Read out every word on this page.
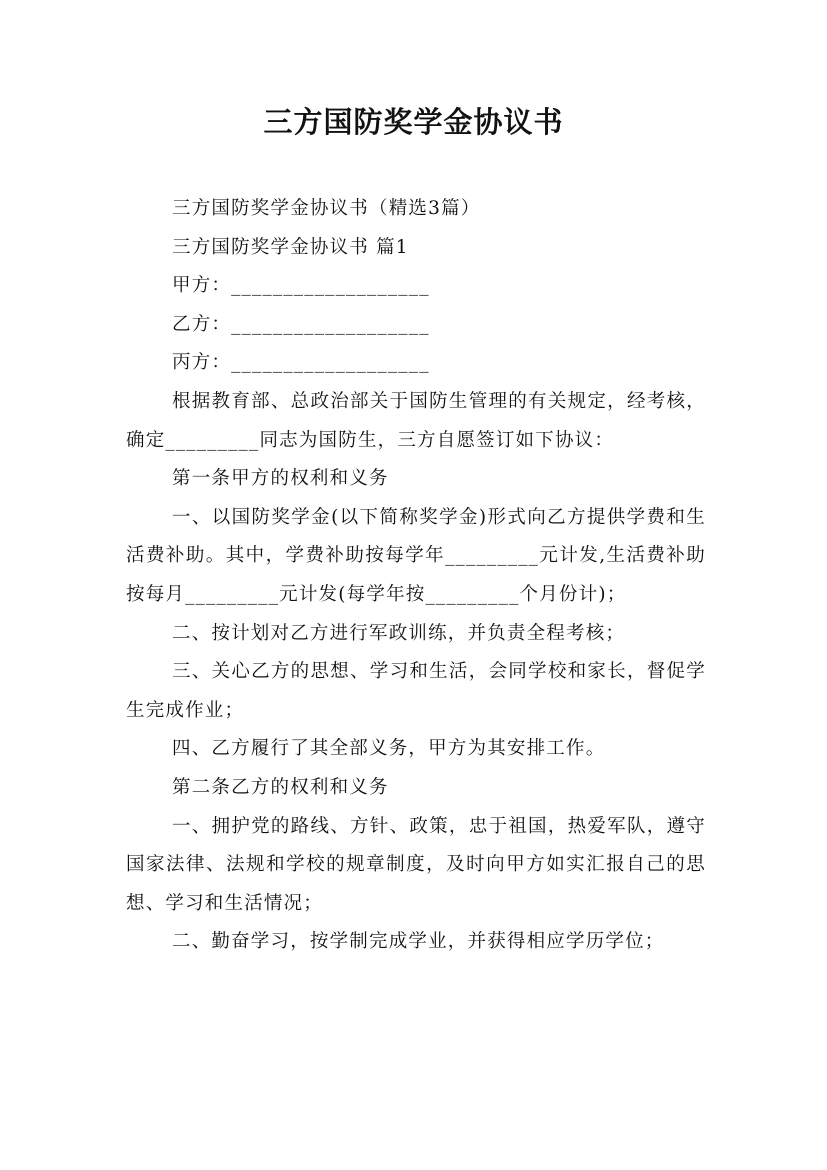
三方国防奖学金协议书

三方国防奖学金协议书（精选3篇）

三方国防奖学金协议书 篇1

甲方：___________________

乙方：___________________

丙方：___________________

根据教育部、总政治部关于国防生管理的有关规定，经考核，确定_________同志为国防生，三方自愿签订如下协议：

第一条甲方的权利和义务

一、以国防奖学金(以下简称奖学金)形式向乙方提供学费和生活费补助。其中，学费补助按每学年_________元计发,生活费补助按每月_________元计发(每学年按_________个月份计)；

二、按计划对乙方进行军政训练，并负责全程考核；

三、关心乙方的思想、学习和生活，会同学校和家长，督促学生完成作业；

四、乙方履行了其全部义务，甲方为其安排工作。

第二条乙方的权利和义务

一、拥护党的路线、方针、政策，忠于祖国，热爱军队，遵守国家法律、法规和学校的规章制度，及时向甲方如实汇报自己的思想、学习和生活情况；

二、勤奋学习，按学制完成学业，并获得相应学历学位；
